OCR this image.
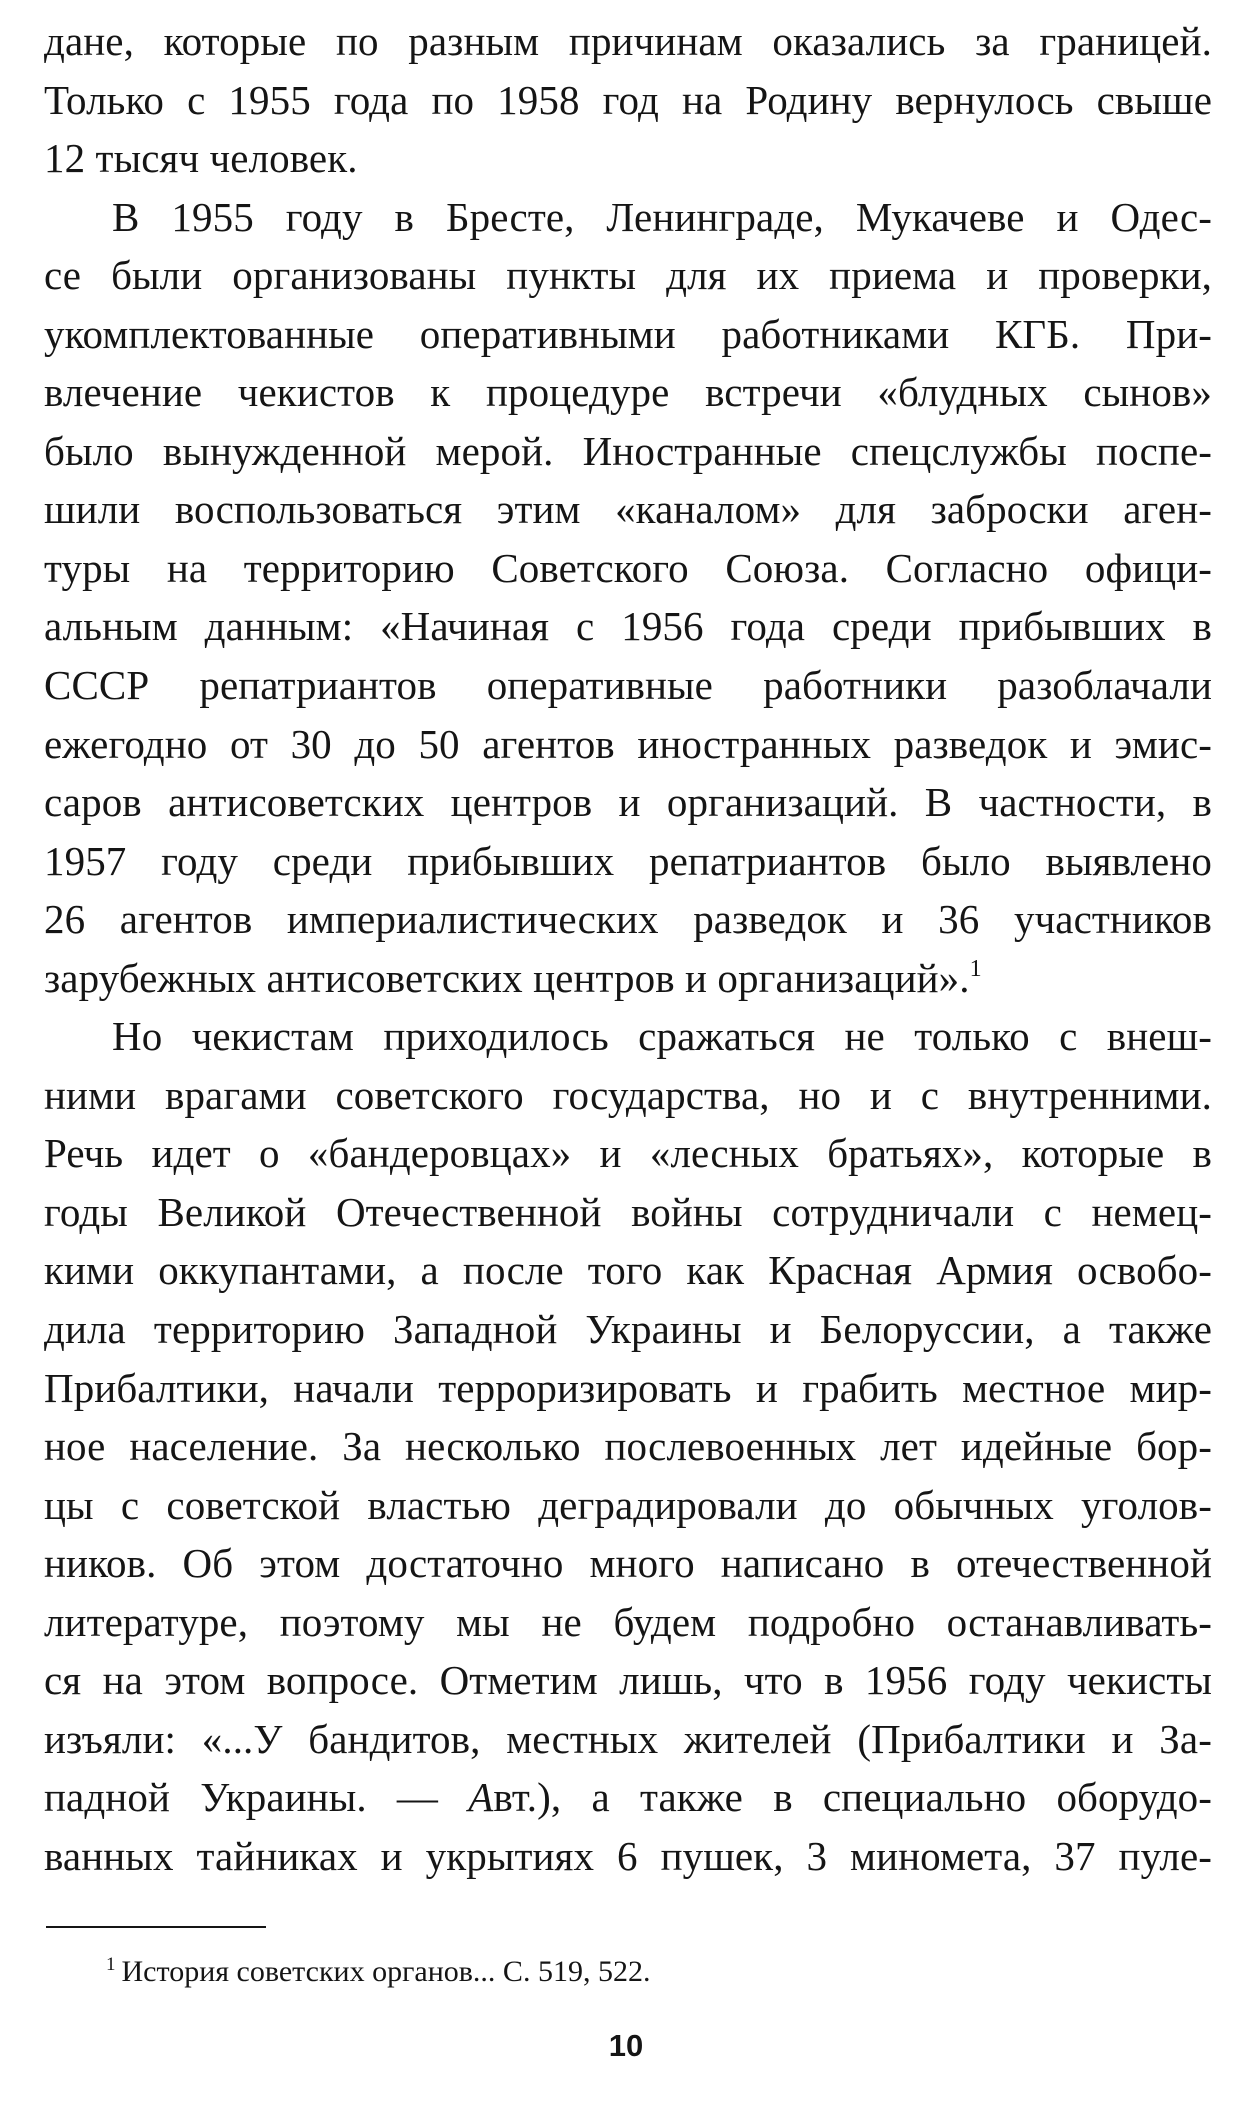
дане, которые по разным причинам оказались за границей.
Только с 1955 года по 1958 год на Родину вернулось свыше
12 тысяч человек.
В 1955 году в Бресте, Ленинграде, Мукачеве и Одес-
се были организованы пункты для их приема и проверки,
укомплектованные оперативными работниками КГБ. При-
влечение чекистов к процедуре встречи «блудных сынов»
было вынужденной мерой. Иностранные спецслужбы поспе-
шили воспользоваться этим «каналом» для заброски аген-
туры на территорию Советского Союза. Согласно офици-
альным данным: «Начиная с 1956 года среди прибывших в
СССР репатриантов оперативные работники разоблачали
ежегодно от 30 до 50 агентов иностранных разведок и эмис-
саров антисоветских центров и организаций. В частности, в
1957 году среди прибывших репатриантов было выявлено
26 агентов империалистических разведок и 36 участников
зарубежных антисоветских центров и организаций».$^1$
Но чекистам приходилось сражаться не только с внеш-
ними врагами советского государства, но и с внутренними.
Речь идет о «бандеровцах» и «лесных братьях», которые в
годы Великой Отечественной войны сотрудничали с немец-
кими оккупантами, а после того как Красная Армия освобо-
дила территорию Западной Украины и Белоруссии, а также
Прибалтики, начали терроризировать и грабить местное мир-
ное население. За несколько послевоенных лет идейные бор-
цы с советской властью деградировали до обычных уголов-
ников. Об этом достаточно много написано в отечественной
литературе, поэтому мы не будем подробно останавливать-
ся на этом вопросе. Отметим лишь, что в 1956 году чекисты
изъяли: «...У бандитов, местных жителей (Прибалтики и За-
падной Украины. — Авт.), а также в специально оборудо-
ванных тайниках и укрытиях 6 пушек, 3 миномета, 37 пуле-
$^1$ История советских органов... С. 519, 522.
10
